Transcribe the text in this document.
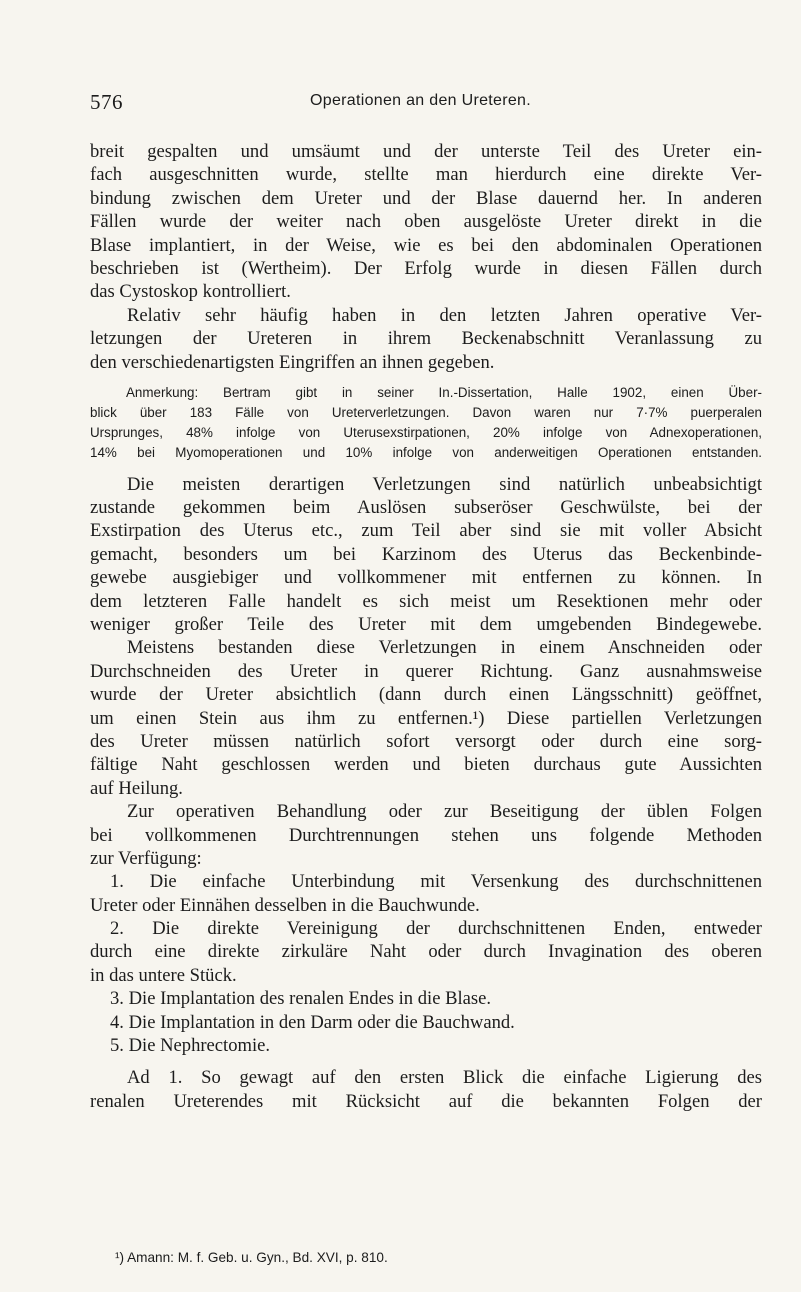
576	Operationen an den Ureteren.

breit gespalten und umsäumt und der unterste Teil des Ureter ein-

fach ausgeschnitten wurde, stellte man hierdurch eine direkte Ver-

bindung zwischen dem Ureter und der Blase dauernd her. In anderen

Fällen wurde der weiter nach oben ausgelöste Ureter direkt in die

Blase implantiert, in der Weise, wie es bei den abdominalen Operationen

beschrieben ist (Wertheim). Der Erfolg wurde in diesen Fällen durch

das Cystoskop kontrolliert.

Relativ sehr häufig haben in den letzten Jahren operative Ver-

letzungen der Ureteren in ihrem Beckenabschnitt Veranlassung zu

den verschiedenartigsten Eingriffen an ihnen gegeben.

Anmerkung: Bertram gibt in seiner In.-Dissertation, Halle 1902, einen Über-

blick über 183 Fälle von Ureterverletzungen. Davon waren nur 7·7% puerperalen

Ursprunges, 48% infolge von Uterusexstirpationen, 20% infolge von Adnexoperationen,

14% bei Myomoperationen und 10% infolge von anderweitigen Operationen entstanden.

Die meisten derartigen Verletzungen sind natürlich unbeabsichtigt

zustande gekommen beim Auslösen subseröser Geschwülste, bei der

Exstirpation des Uterus etc., zum Teil aber sind sie mit voller Absicht

gemacht, besonders um bei Karzinom des Uterus das Beckenbinde-

gewebe ausgiebiger und vollkommener mit entfernen zu können. In

dem letzteren Falle handelt es sich meist um Resektionen mehr oder

weniger großer Teile des Ureter mit dem umgebenden Bindegewebe.

Meistens bestanden diese Verletzungen in einem Anschneiden oder

Durchschneiden des Ureter in querer Richtung. Ganz ausnahmsweise

wurde der Ureter absichtlich (dann durch einen Längsschnitt) geöffnet,

um einen Stein aus ihm zu entfernen.¹) Diese partiellen Verletzungen

des Ureter müssen natürlich sofort versorgt oder durch eine sorg-

fältige Naht geschlossen werden und bieten durchaus gute Aussichten

auf Heilung.

Zur operativen Behandlung oder zur Beseitigung der üblen Folgen

bei vollkommenen Durchtrennungen stehen uns folgende Methoden

zur Verfügung:

1. Die einfache Unterbindung mit Versenkung des durchschnittenen

Ureter oder Einnähen desselben in die Bauchwunde.

2. Die direkte Vereinigung der durchschnittenen Enden, entweder

durch eine direkte zirkuläre Naht oder durch Invagination des oberen

in das untere Stück.

3. Die Implantation des renalen Endes in die Blase.

4. Die Implantation in den Darm oder die Bauchwand.

5. Die Nephrectomie.

Ad 1. So gewagt auf den ersten Blick die einfache Ligierung des

renalen Ureterendes mit Rücksicht auf die bekannten Folgen der

¹) Amann: M. f. Geb. u. Gyn., Bd. XVI, p. 810.
